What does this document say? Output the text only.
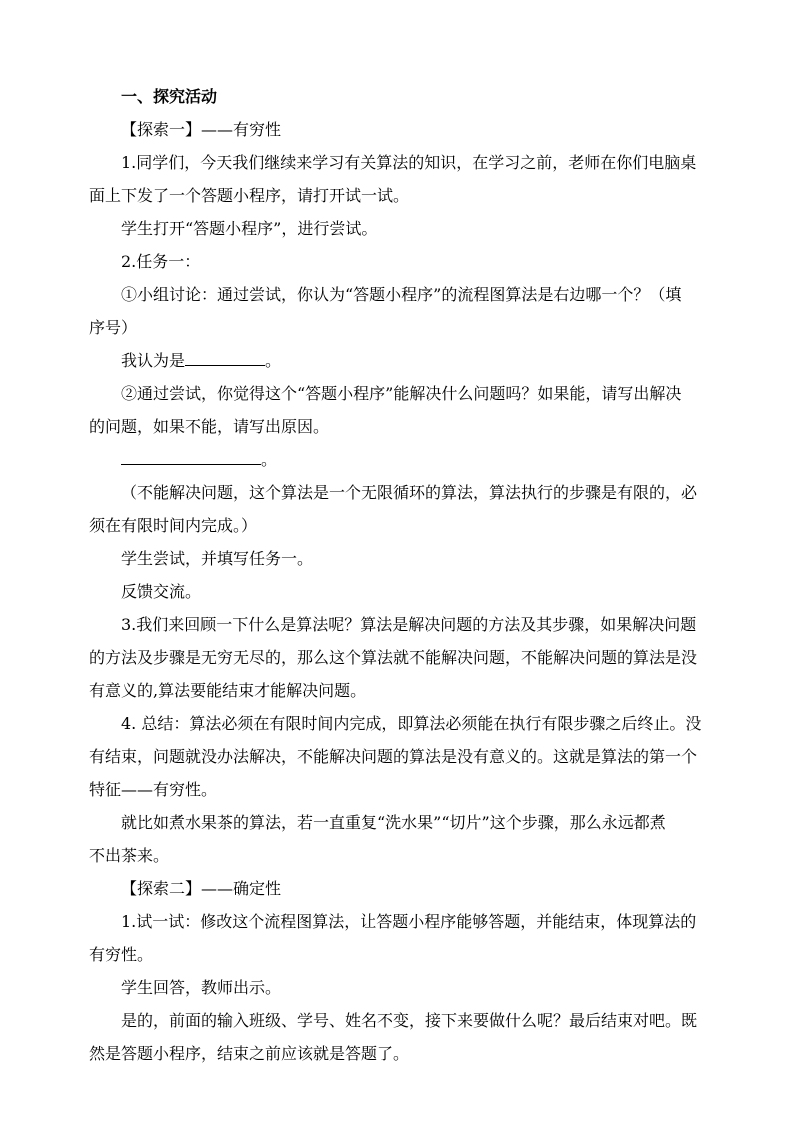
一、探究活动

【探索一】——有穷性

1.同学们，今天我们继续来学习有关算法的知识，在学习之前，老师在你们电脑桌

面上下发了一个答题小程序，请打开试一试。

学生打开“答题小程序”，进行尝试。

2.任务一：

①小组讨论：通过尝试，你认为“答题小程序”的流程图算法是右边哪一个？（填

序号）

我认为是	。

②通过尝试，你觉得这个“答题小程序”能解决什么问题吗？如果能，请写出解决

的问题，如果不能，请写出原因。

。

（不能解决问题，这个算法是一个无限循环的算法，算法执行的步骤是有限的，必

须在有限时间内完成。）

学生尝试，并填写任务一。

反馈交流。

3.我们来回顾一下什么是算法呢？算法是解决问题的方法及其步骤，如果解决问题

的方法及步骤是无穷无尽的，那么这个算法就不能解决问题，不能解决问题的算法是没

有意义的,算法要能结束才能解决问题。

4. 总结：算法必须在有限时间内完成，即算法必须能在执行有限步骤之后终止。没

有结束，问题就没办法解决，不能解决问题的算法是没有意义的。这就是算法的第一个

特征——有穷性。

就比如煮水果茶的算法，若一直重复“洗水果”“切片”这个步骤，那么永远都煮

不出茶来。

【探索二】——确定性

1.试一试：修改这个流程图算法，让答题小程序能够答题，并能结束，体现算法的

有穷性。

学生回答，教师出示。

是的，前面的输入班级、学号、姓名不变，接下来要做什么呢？最后结束对吧。既

然是答题小程序，结束之前应该就是答题了。
